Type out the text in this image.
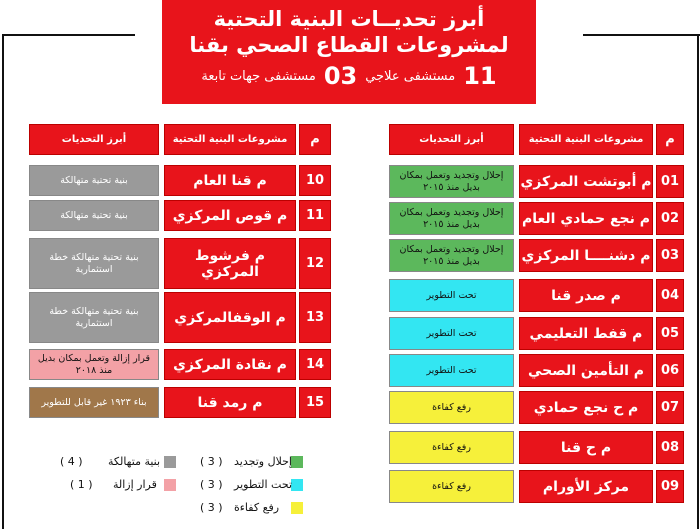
أبرز تحديــات البنية التحتية
لمشروعات القطاع الصحي بقنا
11
مستشفى علاجي
03
مستشفى جهات تابعة
م
مشروعات البنية التحتية
أبرز التحديات
م
مشروعات البنية التحتية
أبرز التحديات
01
م أبوتشت المركزي
إحلال وتجديد وتعمل بمكان بديل منذ ٢٠١٥
02
م نجع حمادي العام
إحلال وتجديد وتعمل بمكان بديل منذ ٢٠١٥
03
م دشنــــا المركزي
إحلال وتجديد وتعمل بمكان بديل منذ ٢٠١٥
04
م صدر قنا
تحت التطوير
05
م قفط التعليمي
تحت التطوير
06
م التأمين الصحي
تحت التطوير
07
م ح نجع حمادي
رفع كفاءة
08
م ح قنا
رفع كفاءة
09
مركز الأورام
رفع كفاءة
10
م قنا العام
بنية تحتية متهالكة
11
م قوص المركزي
بنية تحتية متهالكة
12
م فرشوط المركزي
بنية تحتية متهالكة خطة استثمارية
13
م الوقفالمركزي
بنية تحتية متهالكة خطة استثمارية
14
م نقادة المركزي
قرار إزالة وتعمل بمكان بديل منذ ٢٠١٨
15
م رمد قنا
بناء ١٩٢٣ غير قابل للتطوير
إحلال وتجديد
( 3 )
تحت التطوير
( 3 )
رفع كفاءة
( 3 )
بنية متهالكة
( 4 )
قرار إزالة
( 1 )
